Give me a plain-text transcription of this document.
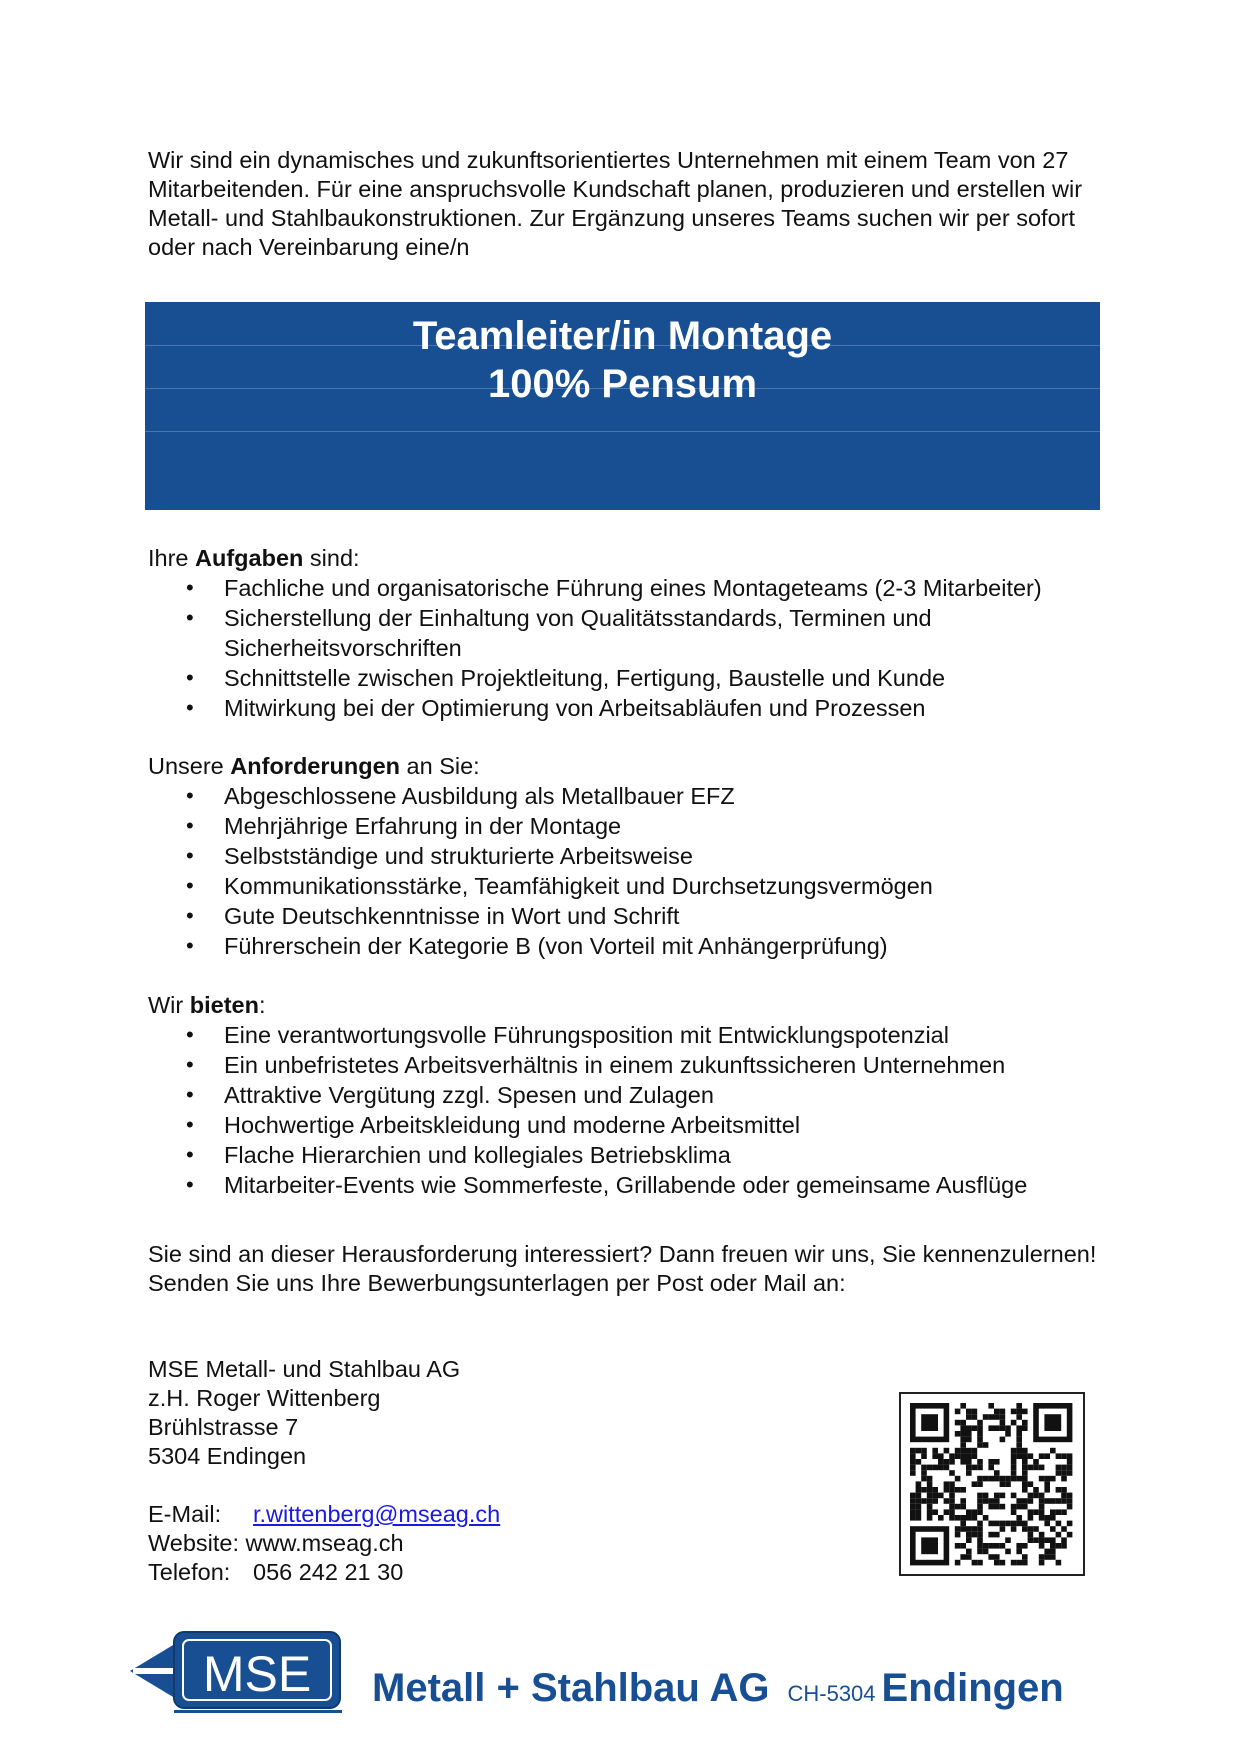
Wir sind ein dynamisches und zukunftsorientiertes Unternehmen mit einem Team von 27 Mitarbeitenden. Für eine anspruchsvolle Kundschaft planen, produzieren und erstellen wir Metall- und Stahlbaukonstruktionen. Zur Ergänzung unseres Teams suchen wir per sofort oder nach Vereinbarung eine/n
Teamleiter/in Montage
100% Pensum
Ihre Aufgaben sind:
• Fachliche und organisatorische Führung eines Montageteams (2-3 Mitarbeiter)
• Sicherstellung der Einhaltung von Qualitätsstandards, Terminen und Sicherheitsvorschriften
• Schnittstelle zwischen Projektleitung, Fertigung, Baustelle und Kunde
• Mitwirkung bei der Optimierung von Arbeitsabläufen und Prozessen
Unsere Anforderungen an Sie:
• Abgeschlossene Ausbildung als Metallbauer EFZ
• Mehrjährige Erfahrung in der Montage
• Selbstständige und strukturierte Arbeitsweise
• Kommunikationsstärke, Teamfähigkeit und Durchsetzungsvermögen
• Gute Deutschkenntnisse in Wort und Schrift
• Führerschein der Kategorie B (von Vorteil mit Anhängerprüfung)
Wir bieten:
• Eine verantwortungsvolle Führungsposition mit Entwicklungspotenzial
• Ein unbefristetes Arbeitsverhältnis in einem zukunftssicheren Unternehmen
• Attraktive Vergütung zzgl. Spesen und Zulagen
• Hochwertige Arbeitskleidung und moderne Arbeitsmittel
• Flache Hierarchien und kollegiales Betriebsklima
• Mitarbeiter-Events wie Sommerfeste, Grillabende oder gemeinsame Ausflüge
Sie sind an dieser Herausforderung interessiert? Dann freuen wir uns, Sie kennenzulernen!
Senden Sie uns Ihre Bewerbungsunterlagen per Post oder Mail an:
MSE Metall- und Stahlbau AG
z.H. Roger Wittenberg
Brühlstrasse 7
5304 Endingen
E-Mail: r.wittenberg@mseag.ch
Website: www.mseag.ch
Telefon: 056 242 21 30
MSE Metall + Stahlbau AG CH-5304 Endingen
